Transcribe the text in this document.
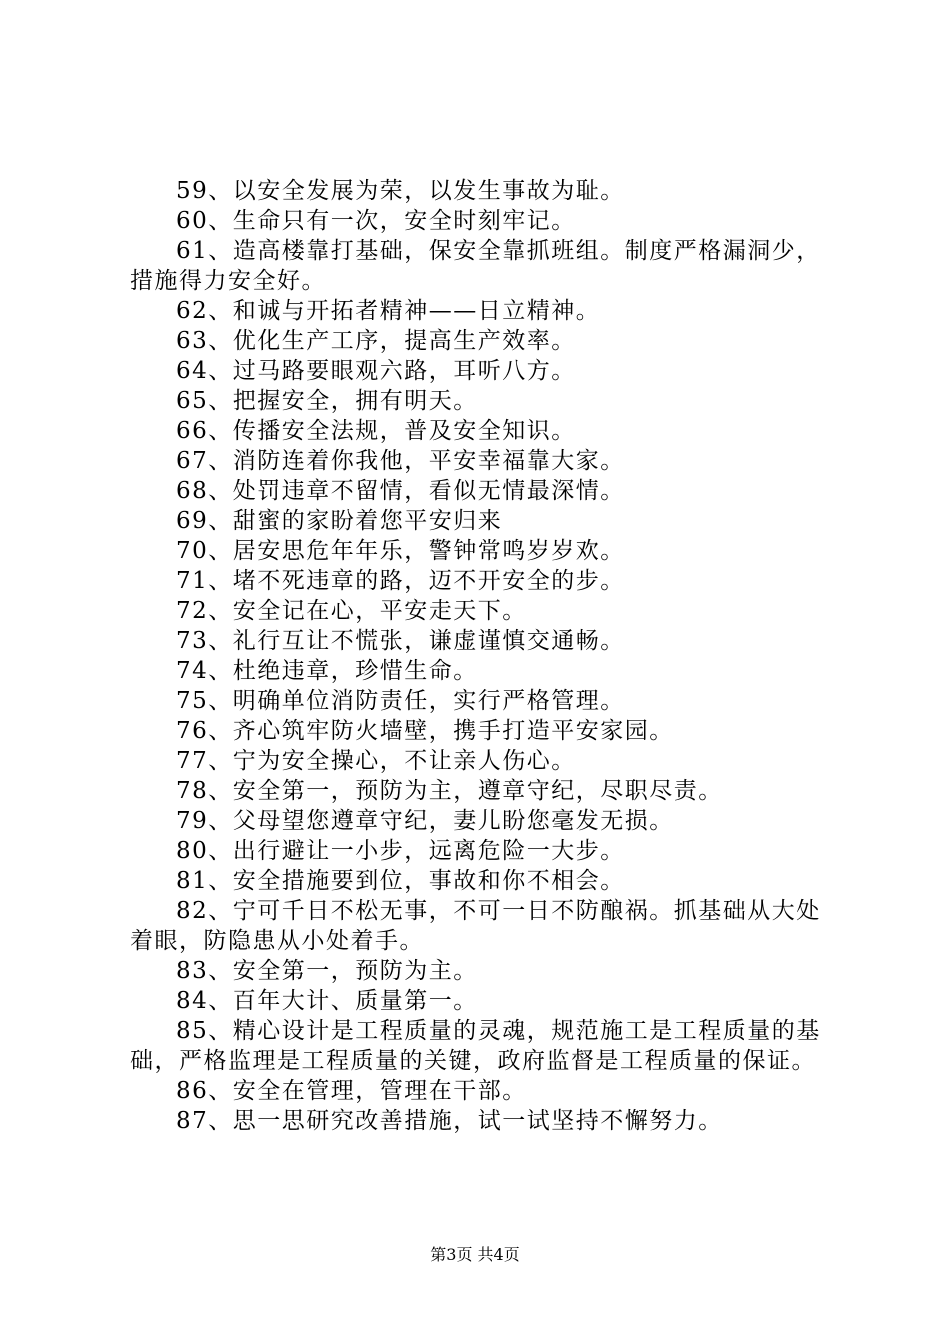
59、以安全发展为荣，以发生事故为耻。

60、生命只有一次，安全时刻牢记。

61、造高楼靠打基础，保安全靠抓班组。制度严格漏洞少，措施得力安全好。

62、和诚与开拓者精神——日立精神。

63、优化生产工序，提高生产效率。

64、过马路要眼观六路，耳听八方。

65、把握安全，拥有明天。

66、传播安全法规，普及安全知识。

67、消防连着你我他，平安幸福靠大家。

68、处罚违章不留情，看似无情最深情。

69、甜蜜的家盼着您平安归来

70、居安思危年年乐，警钟常鸣岁岁欢。

71、堵不死违章的路，迈不开安全的步。

72、安全记在心，平安走天下。

73、礼行互让不慌张，谦虚谨慎交通畅。

74、杜绝违章，珍惜生命。

75、明确单位消防责任，实行严格管理。

76、齐心筑牢防火墙壁，携手打造平安家园。

77、宁为安全操心，不让亲人伤心。

78、安全第一，预防为主，遵章守纪，尽职尽责。

79、父母望您遵章守纪，妻儿盼您毫发无损。

80、出行避让一小步，远离危险一大步。

81、安全措施要到位，事故和你不相会。

82、宁可千日不松无事，不可一日不防酿祸。抓基础从大处着眼，防隐患从小处着手。

83、安全第一，预防为主。

84、百年大计、质量第一。

85、精心设计是工程质量的灵魂，规范施工是工程质量的基础，严格监理是工程质量的关键，政府监督是工程质量的保证。

86、安全在管理，管理在干部。

87、思一思研究改善措施，试一试坚持不懈努力。

第3页 共4页
